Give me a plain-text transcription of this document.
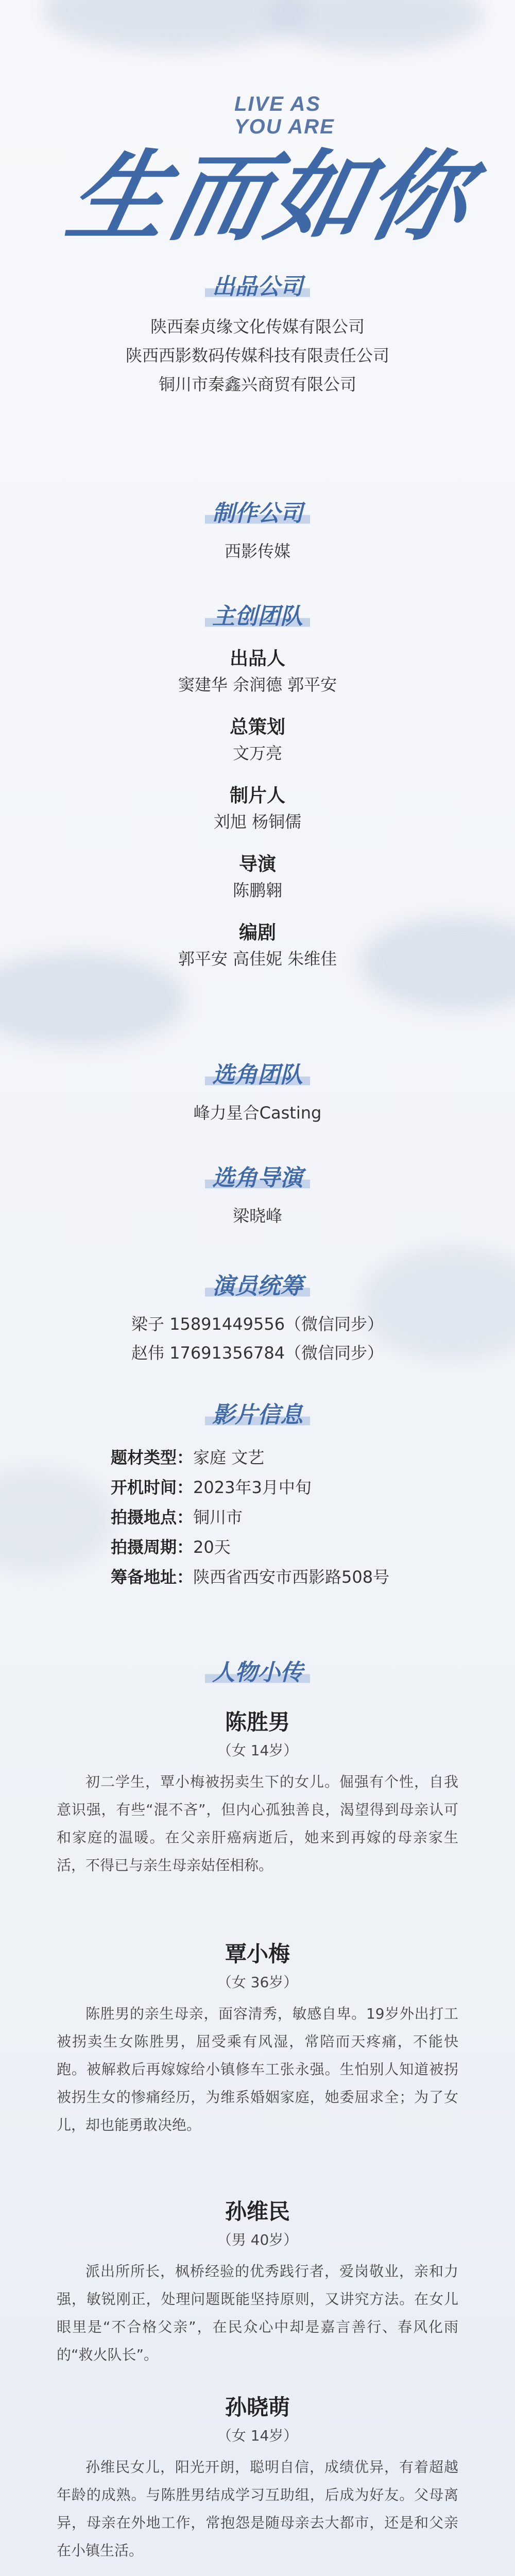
LIVE AS
YOU ARE
生而如你
出品公司
陕西秦贞缘文化传媒有限公司
陕西西影数码传媒科技有限责任公司
铜川市秦鑫兴商贸有限公司
制作公司
西影传媒
主创团队
出品人
窦建华 余润德 郭平安
总策划
文万亮
制片人
刘旭 杨铜儒
导演
陈鹏翱
编剧
郭平安 高佳妮 朱维佳
选角团队
峰力星合Casting
选角导演
梁晓峰
演员统筹
梁子 15891449556（微信同步）
赵伟 17691356784（微信同步）
影片信息
题材类型：家庭 文艺
开机时间：2023年3月中旬
拍摄地点：铜川市
拍摄周期：20天
筹备地址：陕西省西安市西影路508号
人物小传
陈胜男
（女 14岁）
初二学生，覃小梅被拐卖生下的女儿。倔强有个性，自我意识强，有些“混不吝”，但内心孤独善良，渴望得到母亲认可和家庭的温暖。在父亲肝癌病逝后，她来到再嫁的母亲家生活，不得已与亲生母亲姑侄相称。
覃小梅
（女 36岁）
陈胜男的亲生母亲，面容清秀，敏感自卑。19岁外出打工被拐卖生女陈胜男，屈受乘有风湿，常陪而天疼痛，不能快跑。被解救后再嫁嫁给小镇修车工张永强。生怕别人知道被拐被拐生女的惨痛经历，为维系婚姻家庭，她委屈求全；为了女儿，却也能勇敢决绝。
孙维民
（男 40岁）
派出所所长，枫桥经验的优秀践行者，爱岗敬业，亲和力强，敏锐刚正，处理问题既能坚持原则，又讲究方法。在女儿眼里是“不合格父亲”，在民众心中却是嘉言善行、春风化雨的“救火队长”。
孙晓萌
（女 14岁）
孙维民女儿，阳光开朗，聪明自信，成绩优异，有着超越年龄的成熟。与陈胜男结成学习互助组，后成为好友。父母离异，母亲在外地工作，常抱怨是随母亲去大都市，还是和父亲在小镇生活。
